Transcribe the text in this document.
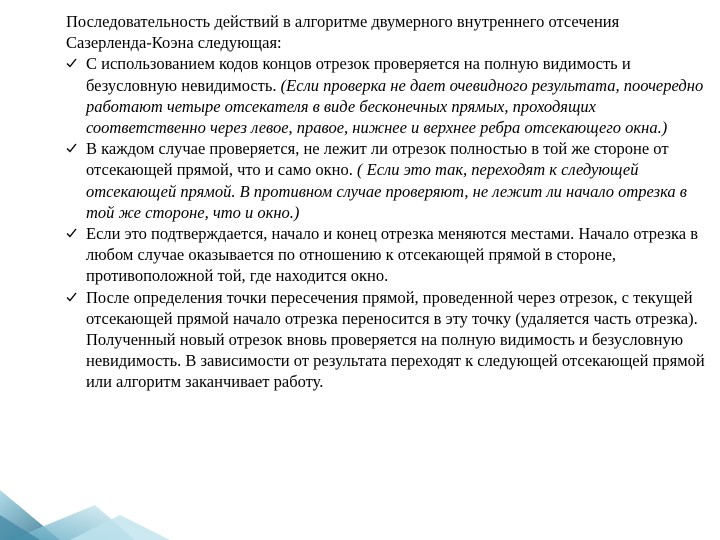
Последовательность действий в алгоритме двумерного внутреннего отсечения Сазерленда-Коэна следующая:

С использованием кодов концов отрезок проверяется на полную видимость и безусловную невидимость. (Если проверка не дает очевидного результата, поочередно работают четыре отсекателя в виде бесконечных прямых, проходящих соответственно через левое, правое, нижнее и верхнее ребра отсекающего окна.)
В каждом случае проверяется, не лежит ли отрезок полностью в той же стороне от отсекающей прямой, что и само окно. ( Если это так, переходят к следующей отсекающей прямой. В противном случае проверяют, не лежит ли начало отрезка в той же стороне, что и окно.)
Если это подтверждается, начало и конец отрезка меняются местами. Начало отрезка в любом случае оказывается по отношению к отсекающей прямой в стороне, противоположной той, где находится окно.
После определения точки пересечения прямой, проведенной через отрезок, с текущей отсекающей прямой начало отрезка переносится в эту точку (удаляется часть отрезка). Полученный новый отрезок вновь проверяется на полную видимость и безусловную невидимость. В зависимости от результата переходят к следующей отсекающей прямой или алгоритм заканчивает работу.
